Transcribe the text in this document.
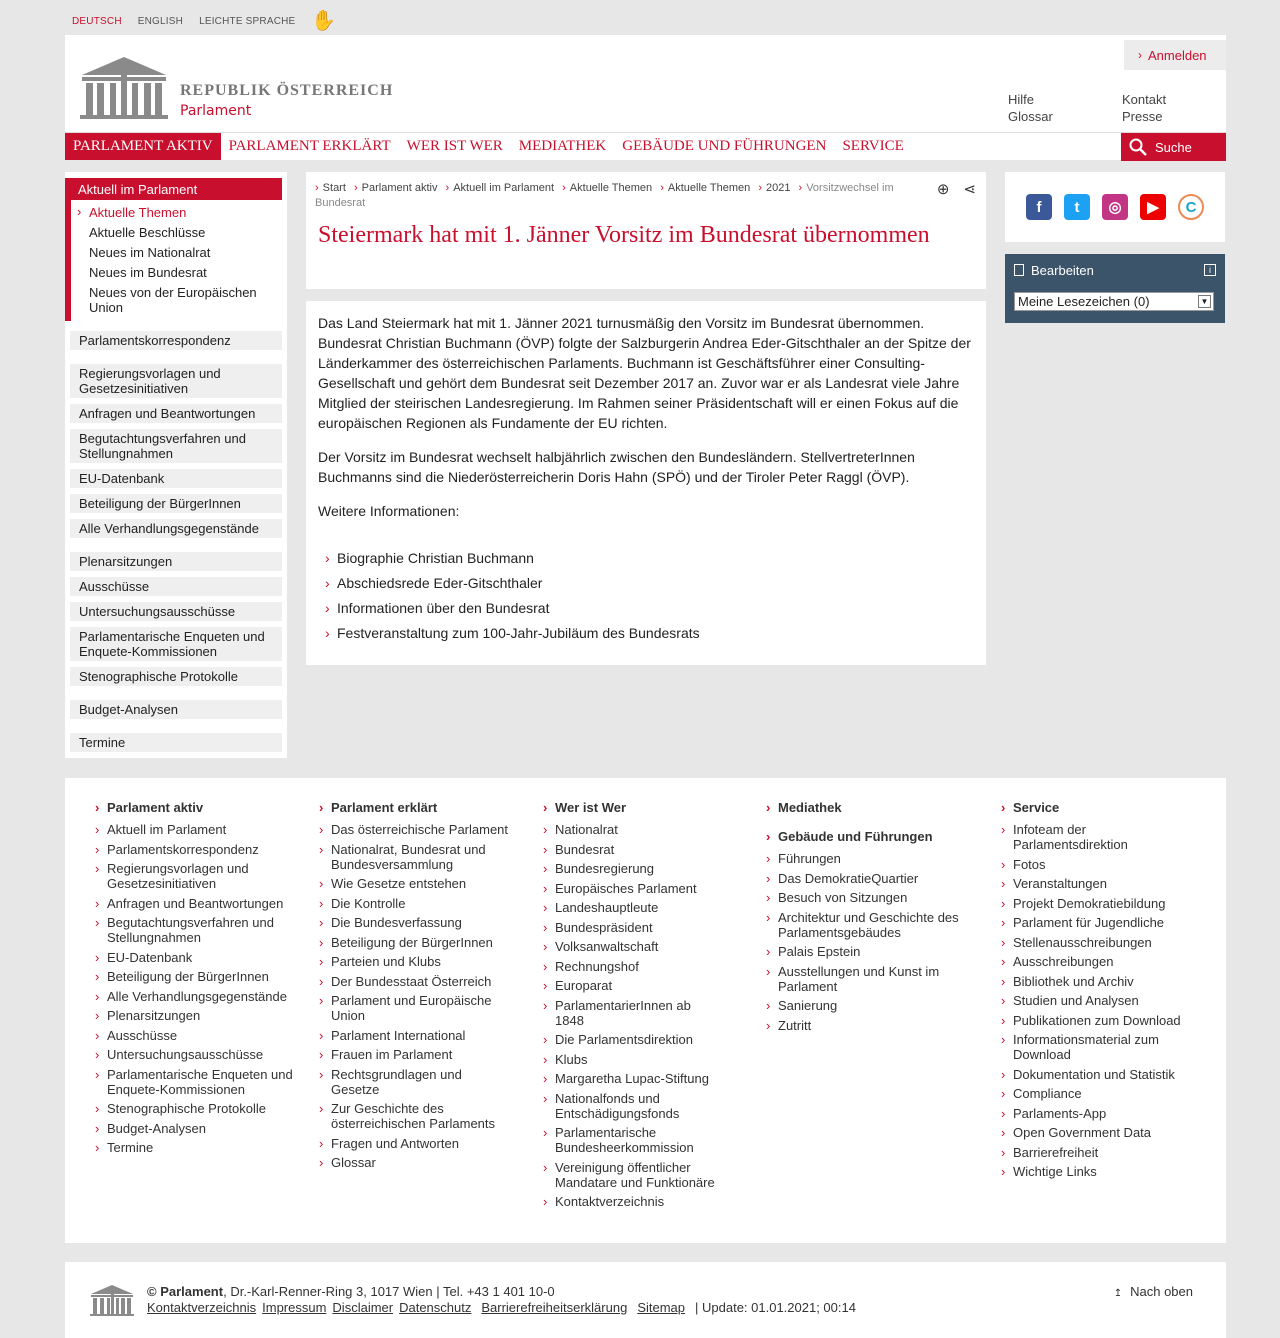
DEUTSCH ENGLISH LEICHTE SPRACHE ✋
REPUBLIK ÖSTERREICH
Parlament
› Anmelden
Hilfe	Kontakt
Glossar	Presse
PARLAMENT AKTIV	PARLAMENT ERKLÄRT	WER IST WER	MEDIATHEK	GEBÄUDE UND FÜHRUNGEN	SERVICE	Suche
Aktuell im Parlament
› Aktuelle Themen
Aktuelle Beschlüsse
Neues im Nationalrat
Neues im Bundesrat
Neues von der Europäischen Union
Parlamentskorrespondenz
Regierungsvorlagen und Gesetzesinitiativen
Anfragen und Beantwortungen
Begutachtungsverfahren und Stellungnahmen
EU-Datenbank
Beteiligung der BürgerInnen
Alle Verhandlungsgegenstände
Plenarsitzungen
Ausschüsse
Untersuchungsausschüsse
Parlamentarische Enqueten und Enquete-Kommissionen
Stenographische Protokolle
Budget-Analysen
Termine
› Start › Parlament aktiv › Aktuell im Parlament › Aktuelle Themen › Aktuelle Themen › 2021 › Vorsitzwechsel im Bundesrat
⊕ ⋖
Steiermark hat mit 1. Jänner Vorsitz im Bundesrat übernommen

Das Land Steiermark hat mit 1. Jänner 2021 turnusmäßig den Vorsitz im Bundesrat übernommen. Bundesrat Christian Buchmann (ÖVP) folgte der Salzburgerin Andrea Eder-Gitschthaler an der Spitze der Länderkammer des österreichischen Parlaments. Buchmann ist Geschäftsführer einer Consulting-Gesellschaft und gehört dem Bundesrat seit Dezember 2017 an. Zuvor war er als Landesrat viele Jahre Mitglied der steirischen Landesregierung. Im Rahmen seiner Präsidentschaft will er einen Fokus auf die europäischen Regionen als Fundamente der EU richten.

Der Vorsitz im Bundesrat wechselt halbjährlich zwischen den Bundesländern. StellvertreterInnen Buchmanns sind die Niederösterreicherin Doris Hahn (SPÖ) und der Tiroler Peter Raggl (ÖVP).

Weitere Informationen:

› Biographie Christian Buchmann
› Abschiedsrede Eder-Gitschthaler
› Informationen über den Bundesrat
› Festveranstaltung zum 100-Jahr-Jubiläum des Bundesrats
f	t	◎	▶	C
Bearbeiten	i
Meine Lesezeichen (0)	▼
› Parlament aktiv
› Aktuell im Parlament
› Parlamentskorrespondenz
› Regierungsvorlagen und Gesetzesinitiativen
› Anfragen und Beantwortungen
› Begutachtungsverfahren und Stellungnahmen
› EU-Datenbank
› Beteiligung der BürgerInnen
› Alle Verhandlungsgegenstände
› Plenarsitzungen
› Ausschüsse
› Untersuchungsausschüsse
› Parlamentarische Enqueten und Enquete-Kommissionen
› Stenographische Protokolle
› Budget-Analysen
› Termine
› Parlament erklärt
› Das österreichische Parlament
› Nationalrat, Bundesrat und Bundesversammlung
› Wie Gesetze entstehen
› Die Kontrolle
› Die Bundesverfassung
› Beteiligung der BürgerInnen
› Parteien und Klubs
› Der Bundesstaat Österreich
› Parlament und Europäische Union
› Parlament International
› Frauen im Parlament
› Rechtsgrundlagen und Gesetze
› Zur Geschichte des österreichischen Parlaments
› Fragen und Antworten
› Glossar
› Wer ist Wer
› Nationalrat
› Bundesrat
› Bundesregierung
› Europäisches Parlament
› Landeshauptleute
› Bundespräsident
› Volksanwaltschaft
› Rechnungshof
› Europarat
› ParlamentarierInnen ab 1848
› Die Parlamentsdirektion
› Klubs
› Margaretha Lupac-Stiftung
› Nationalfonds und Entschädigungsfonds
› Parlamentarische Bundesheerkommission
› Vereinigung öffentlicher Mandatare und Funktionäre
› Kontaktverzeichnis
› Mediathek
› Gebäude und Führungen
› Führungen
› Das DemokratieQuartier
› Besuch von Sitzungen
› Architektur und Geschichte des Parlamentsgebäudes
› Palais Epstein
› Ausstellungen und Kunst im Parlament
› Sanierung
› Zutritt
› Service
› Infoteam der Parlamentsdirektion
› Fotos
› Veranstaltungen
› Projekt Demokratiebildung
› Parlament für Jugendliche
› Stellenausschreibungen
› Ausschreibungen
› Bibliothek und Archiv
› Studien und Analysen
› Publikationen zum Download
› Informationsmaterial zum Download
› Dokumentation und Statistik
› Compliance
› Parlaments-App
› Open Government Data
› Barrierefreiheit
› Wichtige Links
© Parlament, Dr.-Karl-Renner-Ring 3, 1017 Wien | Tel. +43 1 401 10-0
Kontaktverzeichnis Impressum Disclaimer Datenschutz Barrierefreiheitserklärung Sitemap | Update: 01.01.2021; 00:14
↥ Nach oben
